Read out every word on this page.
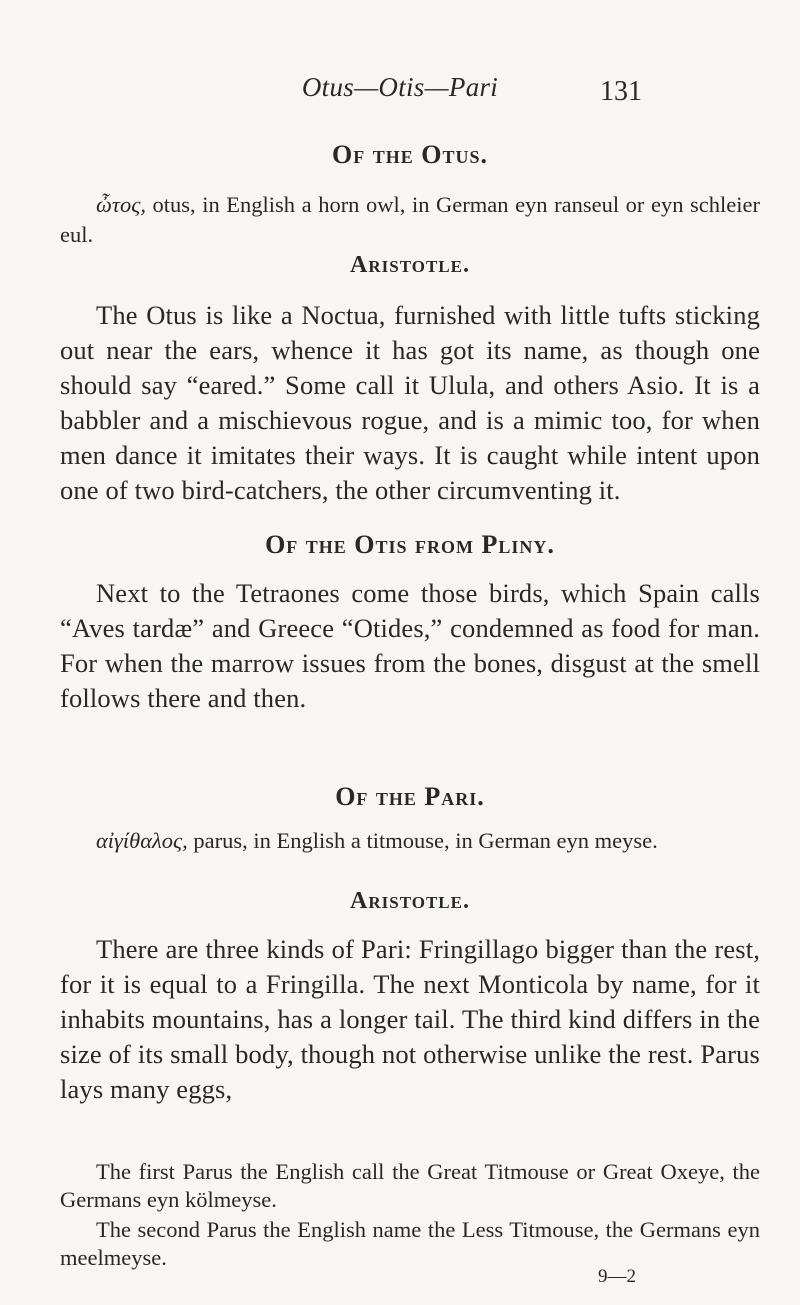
Otus—Otis—Pari	131
Of the Otus.

ὦτος, otus, in English a horn owl, in German eyn ranseul or eyn schleier eul.

Aristotle.

The Otus is like a Noctua, furnished with little tufts sticking out near the ears, whence it has got its name, as though one should say “eared.” Some call it Ulula, and others Asio. It is a babbler and a mischievous rogue, and is a mimic too, for when men dance it imitates their ways. It is caught while intent upon one of two bird-catchers, the other circumventing it.

Of the Otis from Pliny.

Next to the Tetraones come those birds, which Spain calls “Aves tardæ” and Greece “Otides,” condemned as food for man. For when the marrow issues from the bones, disgust at the smell follows there and then.

Of the Pari.

αἰγίθαλος, parus, in English a titmouse, in German eyn meyse.

Aristotle.

There are three kinds of Pari: Fringillago bigger than the rest, for it is equal to a Fringilla. The next Monticola by name, for it inhabits mountains, has a longer tail. The third kind differs in the size of its small body, though not otherwise unlike the rest. Parus lays many eggs,

The first Parus the English call the Great Titmouse or Great Oxeye, the Germans eyn kölmeyse.

The second Parus the English name the Less Titmouse, the Germans eyn meelmeyse.

9—2
